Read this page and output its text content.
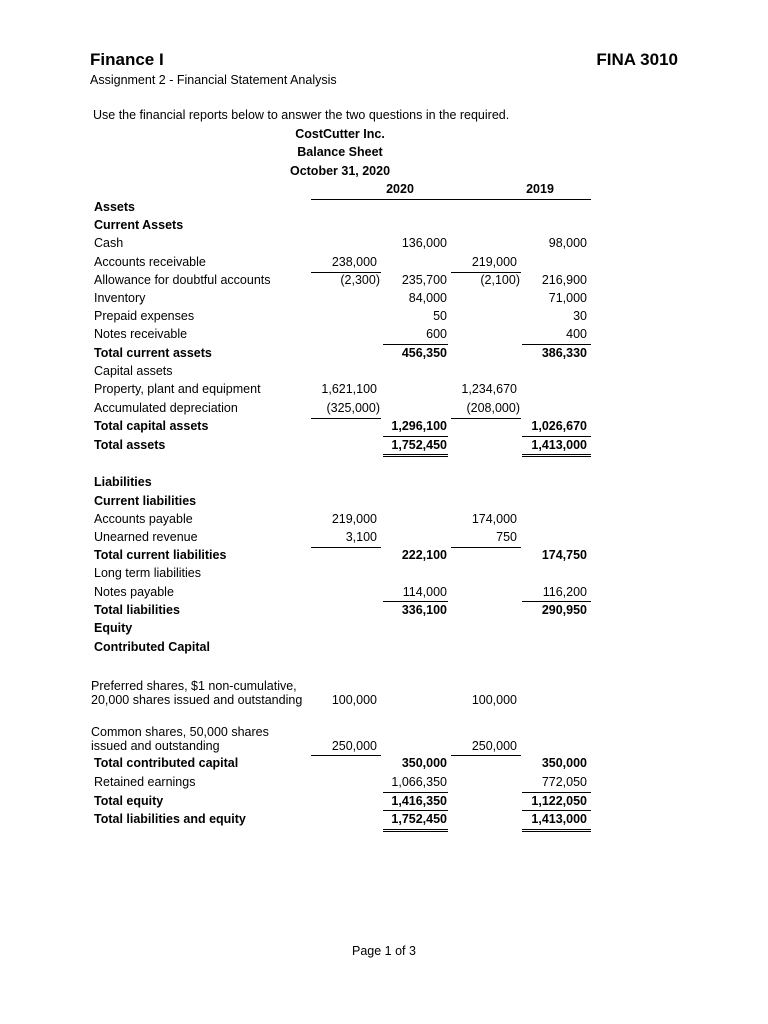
Finance I	FINA 3010
Assignment 2 - Financial Statement Analysis
Use the financial reports below to answer the two questions in the required.
CostCutter Inc.
Balance Sheet
October 31, 2020
2020	2019
Assets
Current Assets
Cash	136,000	98,000
Accounts receivable	238,000	219,000
Allowance for doubtful accounts	(2,300) 235,700	(2,100) 216,900
Inventory	84,000	71,000
Prepaid expenses	50	30
Notes receivable	600	400
Total current assets	456,350	386,330
Capital assets
Property, plant and equipment	1,621,100	1,234,670
Accumulated depreciation	(325,000)	(208,000)
Total capital assets	1,296,100	1,026,670
Total assets	1,752,450	1,413,000
Liabilities
Current liabilities
Accounts payable	219,000	174,000
Unearned revenue	3,100	750
Total current liabilities	222,100	174,750
Long term liabilities
Notes payable	114,000	116,200
Total liabilities	336,100	290,950
Equity
Contributed Capital
Preferred shares, $1 non-cumulative,
20,000 shares issued and outstanding 100,000	100,000
Common shares, 50,000 shares
issued and outstanding	250,000	250,000
Total contributed capital	350,000	350,000
Retained earnings	1,066,350	772,050
Total equity	1,416,350	1,122,050
Total liabilities and equity	1,752,450	1,413,000
Page 1 of 3
